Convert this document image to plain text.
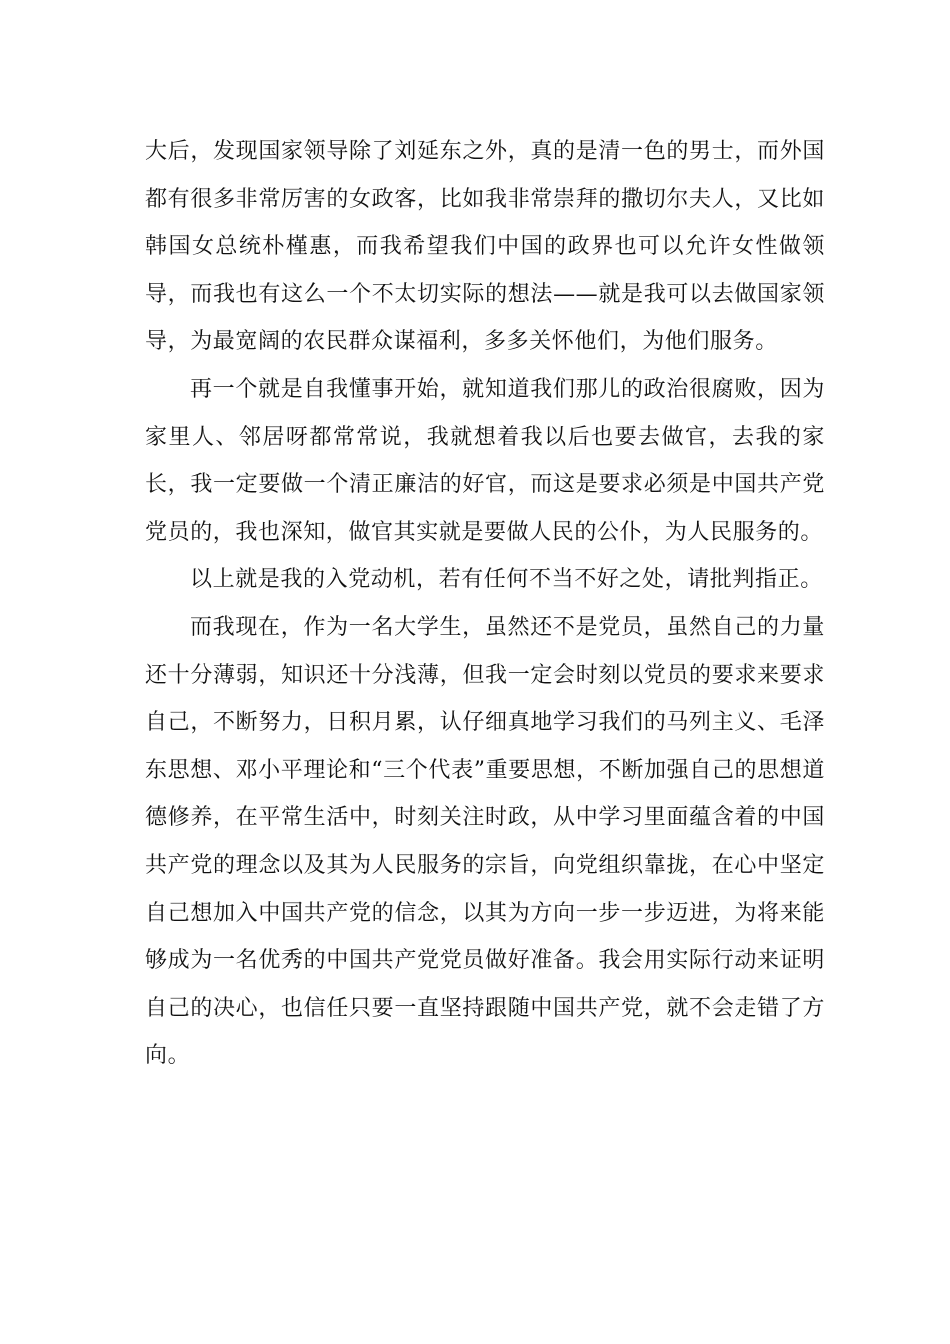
大后，发现国家领导除了刘延东之外，真的是清一色的男士，而外国都有很多非常厉害的女政客，比如我非常崇拜的撒切尔夫人，又比如韩国女总统朴槿惠，而我希望我们中国的政界也可以允许女性做领导，而我也有这么一个不太切实际的想法——就是我可以去做国家领导，为最宽阔的农民群众谋福利，多多关怀他们，为他们服务。

再一个就是自我懂事开始，就知道我们那儿的政治很腐败，因为家里人、邻居呀都常常说，我就想着我以后也要去做官，去我的家长，我一定要做一个清正廉洁的好官，而这是要求必须是中国共产党党员的，我也深知，做官其实就是要做人民的公仆，为人民服务的。

以上就是我的入党动机，若有任何不当不好之处，请批判指正。

而我现在，作为一名大学生，虽然还不是党员，虽然自己的力量还十分薄弱，知识还十分浅薄，但我一定会时刻以党员的要求来要求自己，不断努力，日积月累，认仔细真地学习我们的马列主义、毛泽东思想、邓小平理论和“三个代表”重要思想，不断加强自己的思想道德修养，在平常生活中，时刻关注时政，从中学习里面蕴含着的中国共产党的理念以及其为人民服务的宗旨，向党组织靠拢，在心中坚定自己想加入中国共产党的信念，以其为方向一步一步迈进，为将来能够成为一名优秀的中国共产党党员做好准备。我会用实际行动来证明自己的决心，也信任只要一直坚持跟随中国共产党，就不会走错了方向。
